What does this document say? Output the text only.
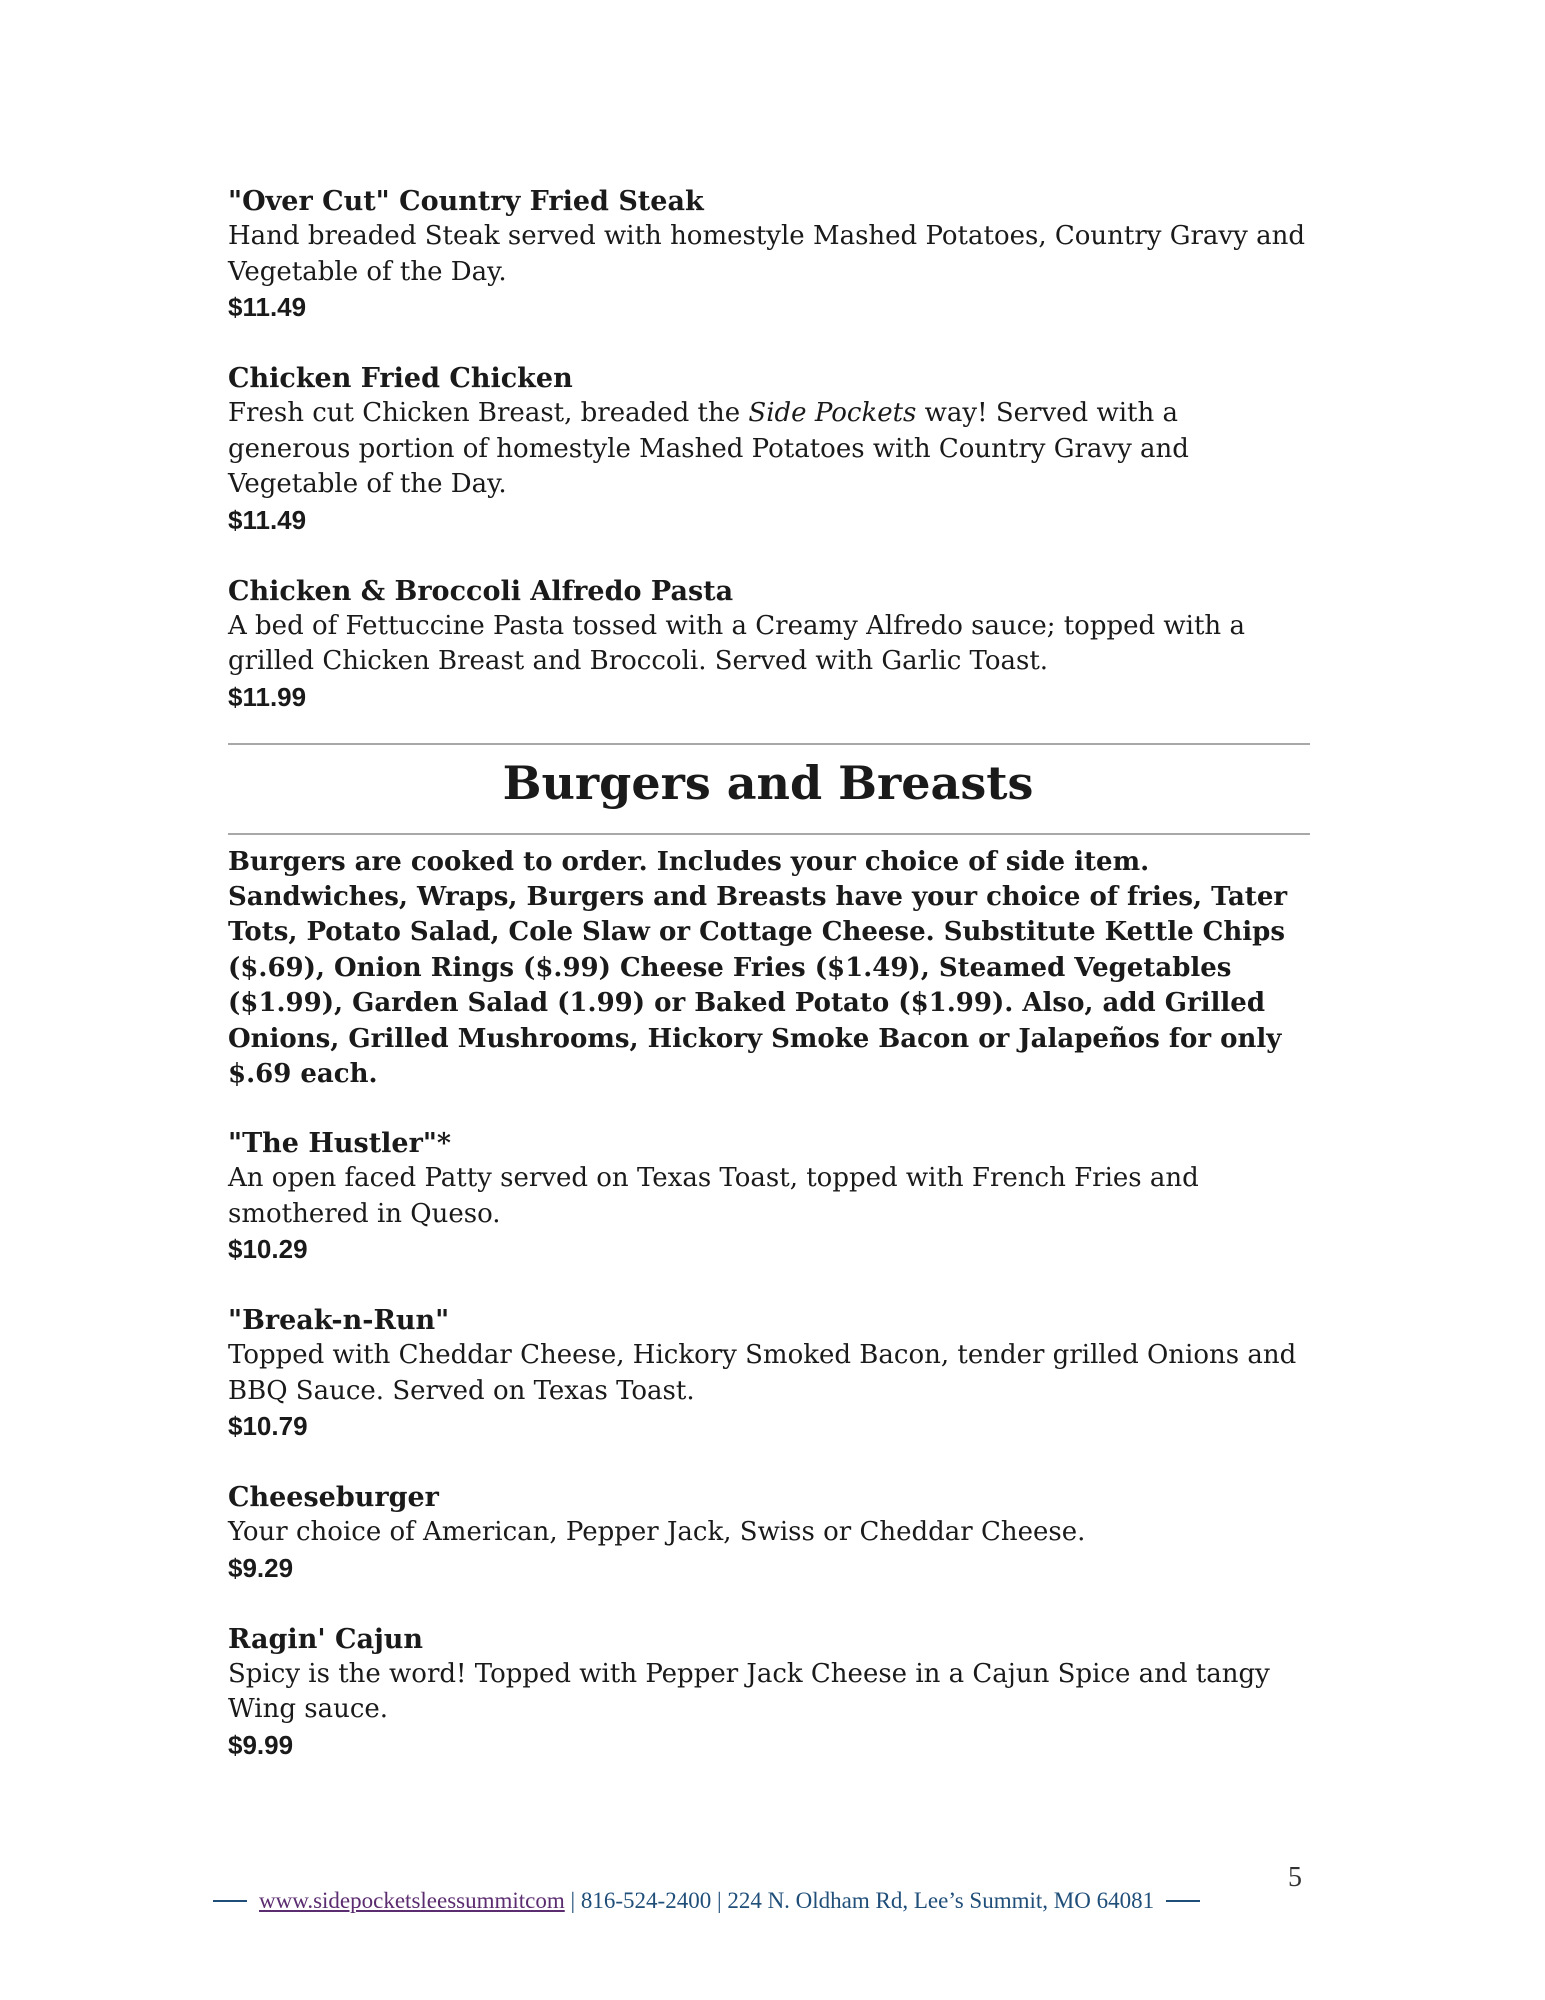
"Over Cut" Country Fried Steak
Hand breaded Steak served with homestyle Mashed Potatoes, Country Gravy and Vegetable of the Day.
$11.49
Chicken Fried Chicken
Fresh cut Chicken Breast, breaded the Side Pockets way! Served with a generous portion of homestyle Mashed Potatoes with Country Gravy and Vegetable of the Day.
$11.49
Chicken & Broccoli Alfredo Pasta
A bed of Fettuccine Pasta tossed with a Creamy Alfredo sauce; topped with a grilled Chicken Breast and Broccoli. Served with Garlic Toast.
$11.99
Burgers and Breasts
Burgers are cooked to order. Includes your choice of side item. Sandwiches, Wraps, Burgers and Breasts have your choice of fries, Tater Tots, Potato Salad, Cole Slaw or Cottage Cheese. Substitute Kettle Chips ($.69), Onion Rings ($.99) Cheese Fries ($1.49), Steamed Vegetables ($1.99), Garden Salad (1.99) or Baked Potato ($1.99). Also, add Grilled Onions, Grilled Mushrooms, Hickory Smoke Bacon or Jalapeños for only $.69 each.
"The Hustler"*
An open faced Patty served on Texas Toast, topped with French Fries and smothered in Queso.
$10.29
"Break-n-Run"
Topped with Cheddar Cheese, Hickory Smoked Bacon, tender grilled Onions and BBQ Sauce. Served on Texas Toast.
$10.79
Cheeseburger
Your choice of American, Pepper Jack, Swiss or Cheddar Cheese.
$9.29
Ragin' Cajun
Spicy is the word! Topped with Pepper Jack Cheese in a Cajun Spice and tangy Wing sauce.
$9.99
5
www.sidepocketsleessummitcom | 816-524-2400 | 224 N. Oldham Rd, Lee’s Summit, MO 64081
